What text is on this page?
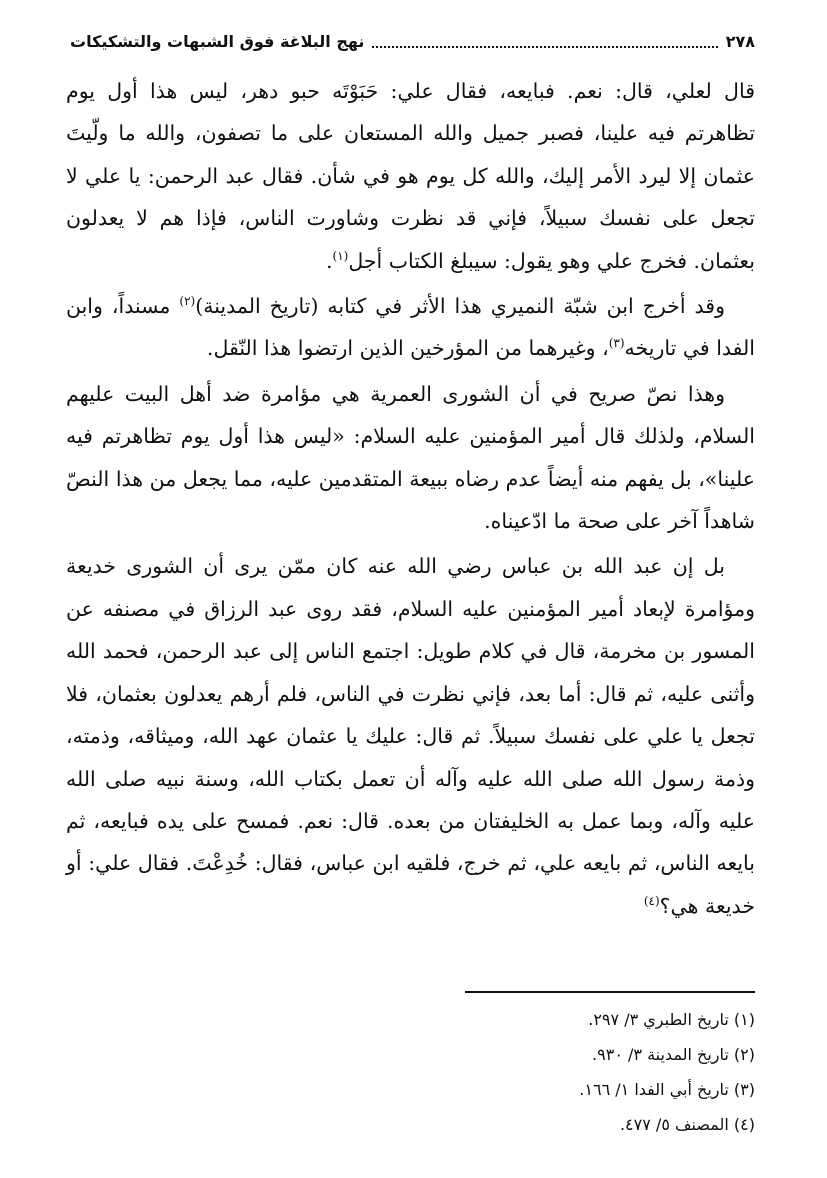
٢٧٨
نهج البلاغة فوق الشبهات والتشكيكات

قال لعلي، قال: نعم. فبايعه، فقال علي: حَبَوْتَه حبو دهر، ليس هذا أول يوم تظاهرتم فيه علينا، فصبر جميل والله المستعان على ما تصفون، والله ما ولّيتَ عثمان إلا ليرد الأمر إليك، والله كل يوم هو في شأن. فقال عبد الرحمن: يا علي لا تجعل على نفسك سبيلاً، فإني قد نظرت وشاورت الناس، فإذا هم لا يعدلون بعثمان. فخرج علي وهو يقول: سيبلغ الكتاب أجل$^{(١)}$.

وقد أخرج ابن شبّة النميري هذا الأثر في كتابه (تاريخ المدينة)$^{(٢)}$ مسنداً، وابن الفدا في تاريخه$^{(٣)}$، وغيرهما من المؤرخين الذين ارتضوا هذا النّقل.

وهذا نصّ صريح في أن الشورى العمرية هي مؤامرة ضد أهل البيت عليهم السلام، ولذلك قال أمير المؤمنين عليه السلام: «ليس هذا أول يوم تظاهرتم فيه علينا»، بل يفهم منه أيضاً عدم رضاه ببيعة المتقدمين عليه، مما يجعل من هذا النصّ شاهداً آخر على صحة ما ادّعيناه.

بل إن عبد الله بن عباس رضي الله عنه كان ممّن يرى أن الشورى خديعة ومؤامرة لإبعاد أمير المؤمنين عليه السلام، فقد روى عبد الرزاق في مصنفه عن المسور بن مخرمة، قال في كلام طويل: اجتمع الناس إلى عبد الرحمن، فحمد الله وأثنى عليه، ثم قال: أما بعد، فإني نظرت في الناس، فلم أرهم يعدلون بعثمان، فلا تجعل يا علي على نفسك سبيلاً. ثم قال: عليك يا عثمان عهد الله، وميثاقه، وذمته، وذمة رسول الله صلى الله عليه وآله أن تعمل بكتاب الله، وسنة نبيه صلى الله عليه وآله، وبما عمل به الخليفتان من بعده. قال: نعم. فمسح على يده فبايعه، ثم بايعه الناس، ثم بايعه علي، ثم خرج، فلقيه ابن عباس، فقال: خُدِعْتَ. فقال علي: أو خديعة هي؟$^{(٤)}$

(١) تاريخ الطبري ٣/ ٢٩٧.
(٢) تاريخ المدينة ٣/ ٩٣٠.
(٣) تاريخ أبي الفدا ١/ ١٦٦.
(٤) المصنف ٥/ ٤٧٧.
